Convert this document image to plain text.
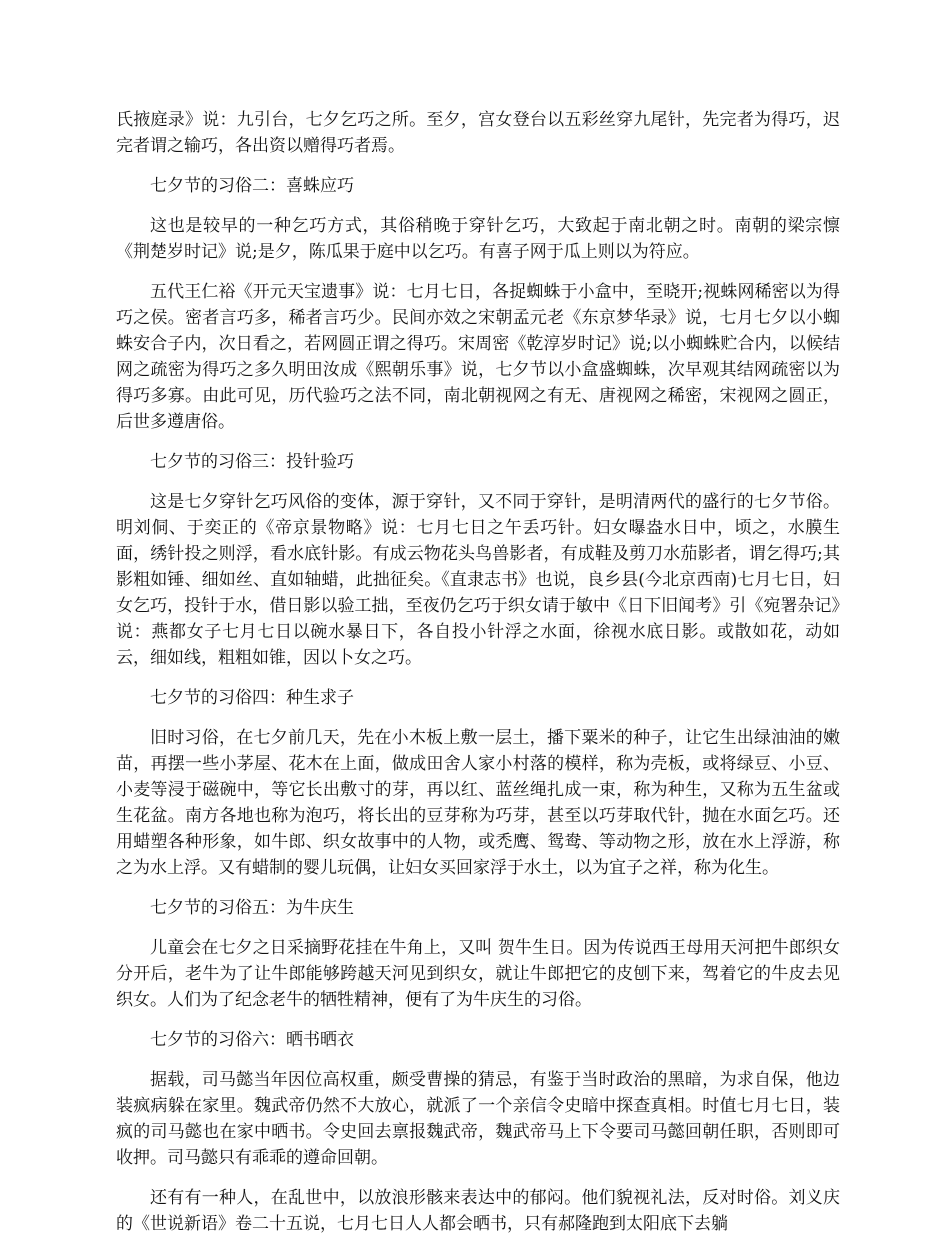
氏掖庭录》说：九引台，七夕乞巧之所。至夕，宫女登台以五彩丝穿九尾针，先完者为得巧，迟完者谓之输巧，各出资以赠得巧者焉。

七夕节的习俗二：喜蛛应巧

这也是较早的一种乞巧方式，其俗稍晚于穿针乞巧，大致起于南北朝之时。南朝的梁宗懔《荆楚岁时记》说;是夕，陈瓜果于庭中以乞巧。有喜子网于瓜上则以为符应。

五代王仁裕《开元天宝遗事》说：七月七日，各捉蜘蛛于小盒中，至晓开;视蛛网稀密以为得巧之侯。密者言巧多，稀者言巧少。民间亦效之宋朝孟元老《东京梦华录》说，七月七夕以小蜘蛛安合子内，次日看之，若网圆正谓之得巧。宋周密《乾淳岁时记》说;以小蜘蛛贮合内，以候结网之疏密为得巧之多久明田汝成《熙朝乐事》说，七夕节以小盒盛蜘蛛，次早观其结网疏密以为得巧多寡。由此可见，历代验巧之法不同，南北朝视网之有无、唐视网之稀密，宋视网之圆正，后世多遵唐俗。

七夕节的习俗三：投针验巧

这是七夕穿针乞巧风俗的变体，源于穿针，又不同于穿针，是明清两代的盛行的七夕节俗。明刘侗、于奕正的《帝京景物略》说：七月七日之午丢巧针。妇女曝盎水日中，顷之，水膜生面，绣针投之则浮，看水底针影。有成云物花头鸟兽影者，有成鞋及剪刀水茄影者，谓乞得巧;其影粗如锤、细如丝、直如轴蜡，此拙征矣。《直隶志书》也说，良乡县(今北京西南)七月七日，妇女乞巧，投针于水，借日影以验工拙，至夜仍乞巧于织女请于敏中《日下旧闻考》引《宛署杂记》说：燕都女子七月七日以碗水暴日下，各自投小针浮之水面，徐视水底日影。或散如花，动如云，细如线，粗粗如锥，因以卜女之巧。

七夕节的习俗四：种生求子

旧时习俗，在七夕前几天，先在小木板上敷一层土，播下粟米的种子，让它生出绿油油的嫩苗，再摆一些小茅屋、花木在上面，做成田舍人家小村落的模样，称为壳板，或将绿豆、小豆、小麦等浸于磁碗中，等它长出敷寸的芽，再以红、蓝丝绳扎成一束，称为种生，又称为五生盆或生花盆。南方各地也称为泡巧，将长出的豆芽称为巧芽，甚至以巧芽取代针，抛在水面乞巧。还用蜡塑各种形象，如牛郎、织女故事中的人物，或禿鹰、鸳鸯、等动物之形，放在水上浮游，称之为水上浮。又有蜡制的婴儿玩偶，让妇女买回家浮于水土，以为宜子之祥，称为化生。

七夕节的习俗五：为牛庆生

儿童会在七夕之日采摘野花挂在牛角上，又叫 贺牛生日。因为传说西王母用天河把牛郎织女分开后，老牛为了让牛郎能够跨越天河见到织女，就让牛郎把它的皮刨下来，驾着它的牛皮去见织女。人们为了纪念老牛的牺牲精神，便有了为牛庆生的习俗。

七夕节的习俗六：晒书晒衣

据载，司马懿当年因位高权重，颇受曹操的猜忌，有鉴于当时政治的黑暗，为求自保，他边装疯病躲在家里。魏武帝仍然不大放心，就派了一个亲信令史暗中探查真相。时值七月七日，装疯的司马懿也在家中晒书。令史回去禀报魏武帝，魏武帝马上下令要司马懿回朝任职，否则即可收押。司马懿只有乖乖的遵命回朝。

还有有一种人，在乱世中，以放浪形骸来表达中的郁闷。他们貌视礼法，反对时俗。刘义庆的《世说新语》卷二十五说，七月七日人人都会晒书，只有郝隆跑到太阳底下去躺
